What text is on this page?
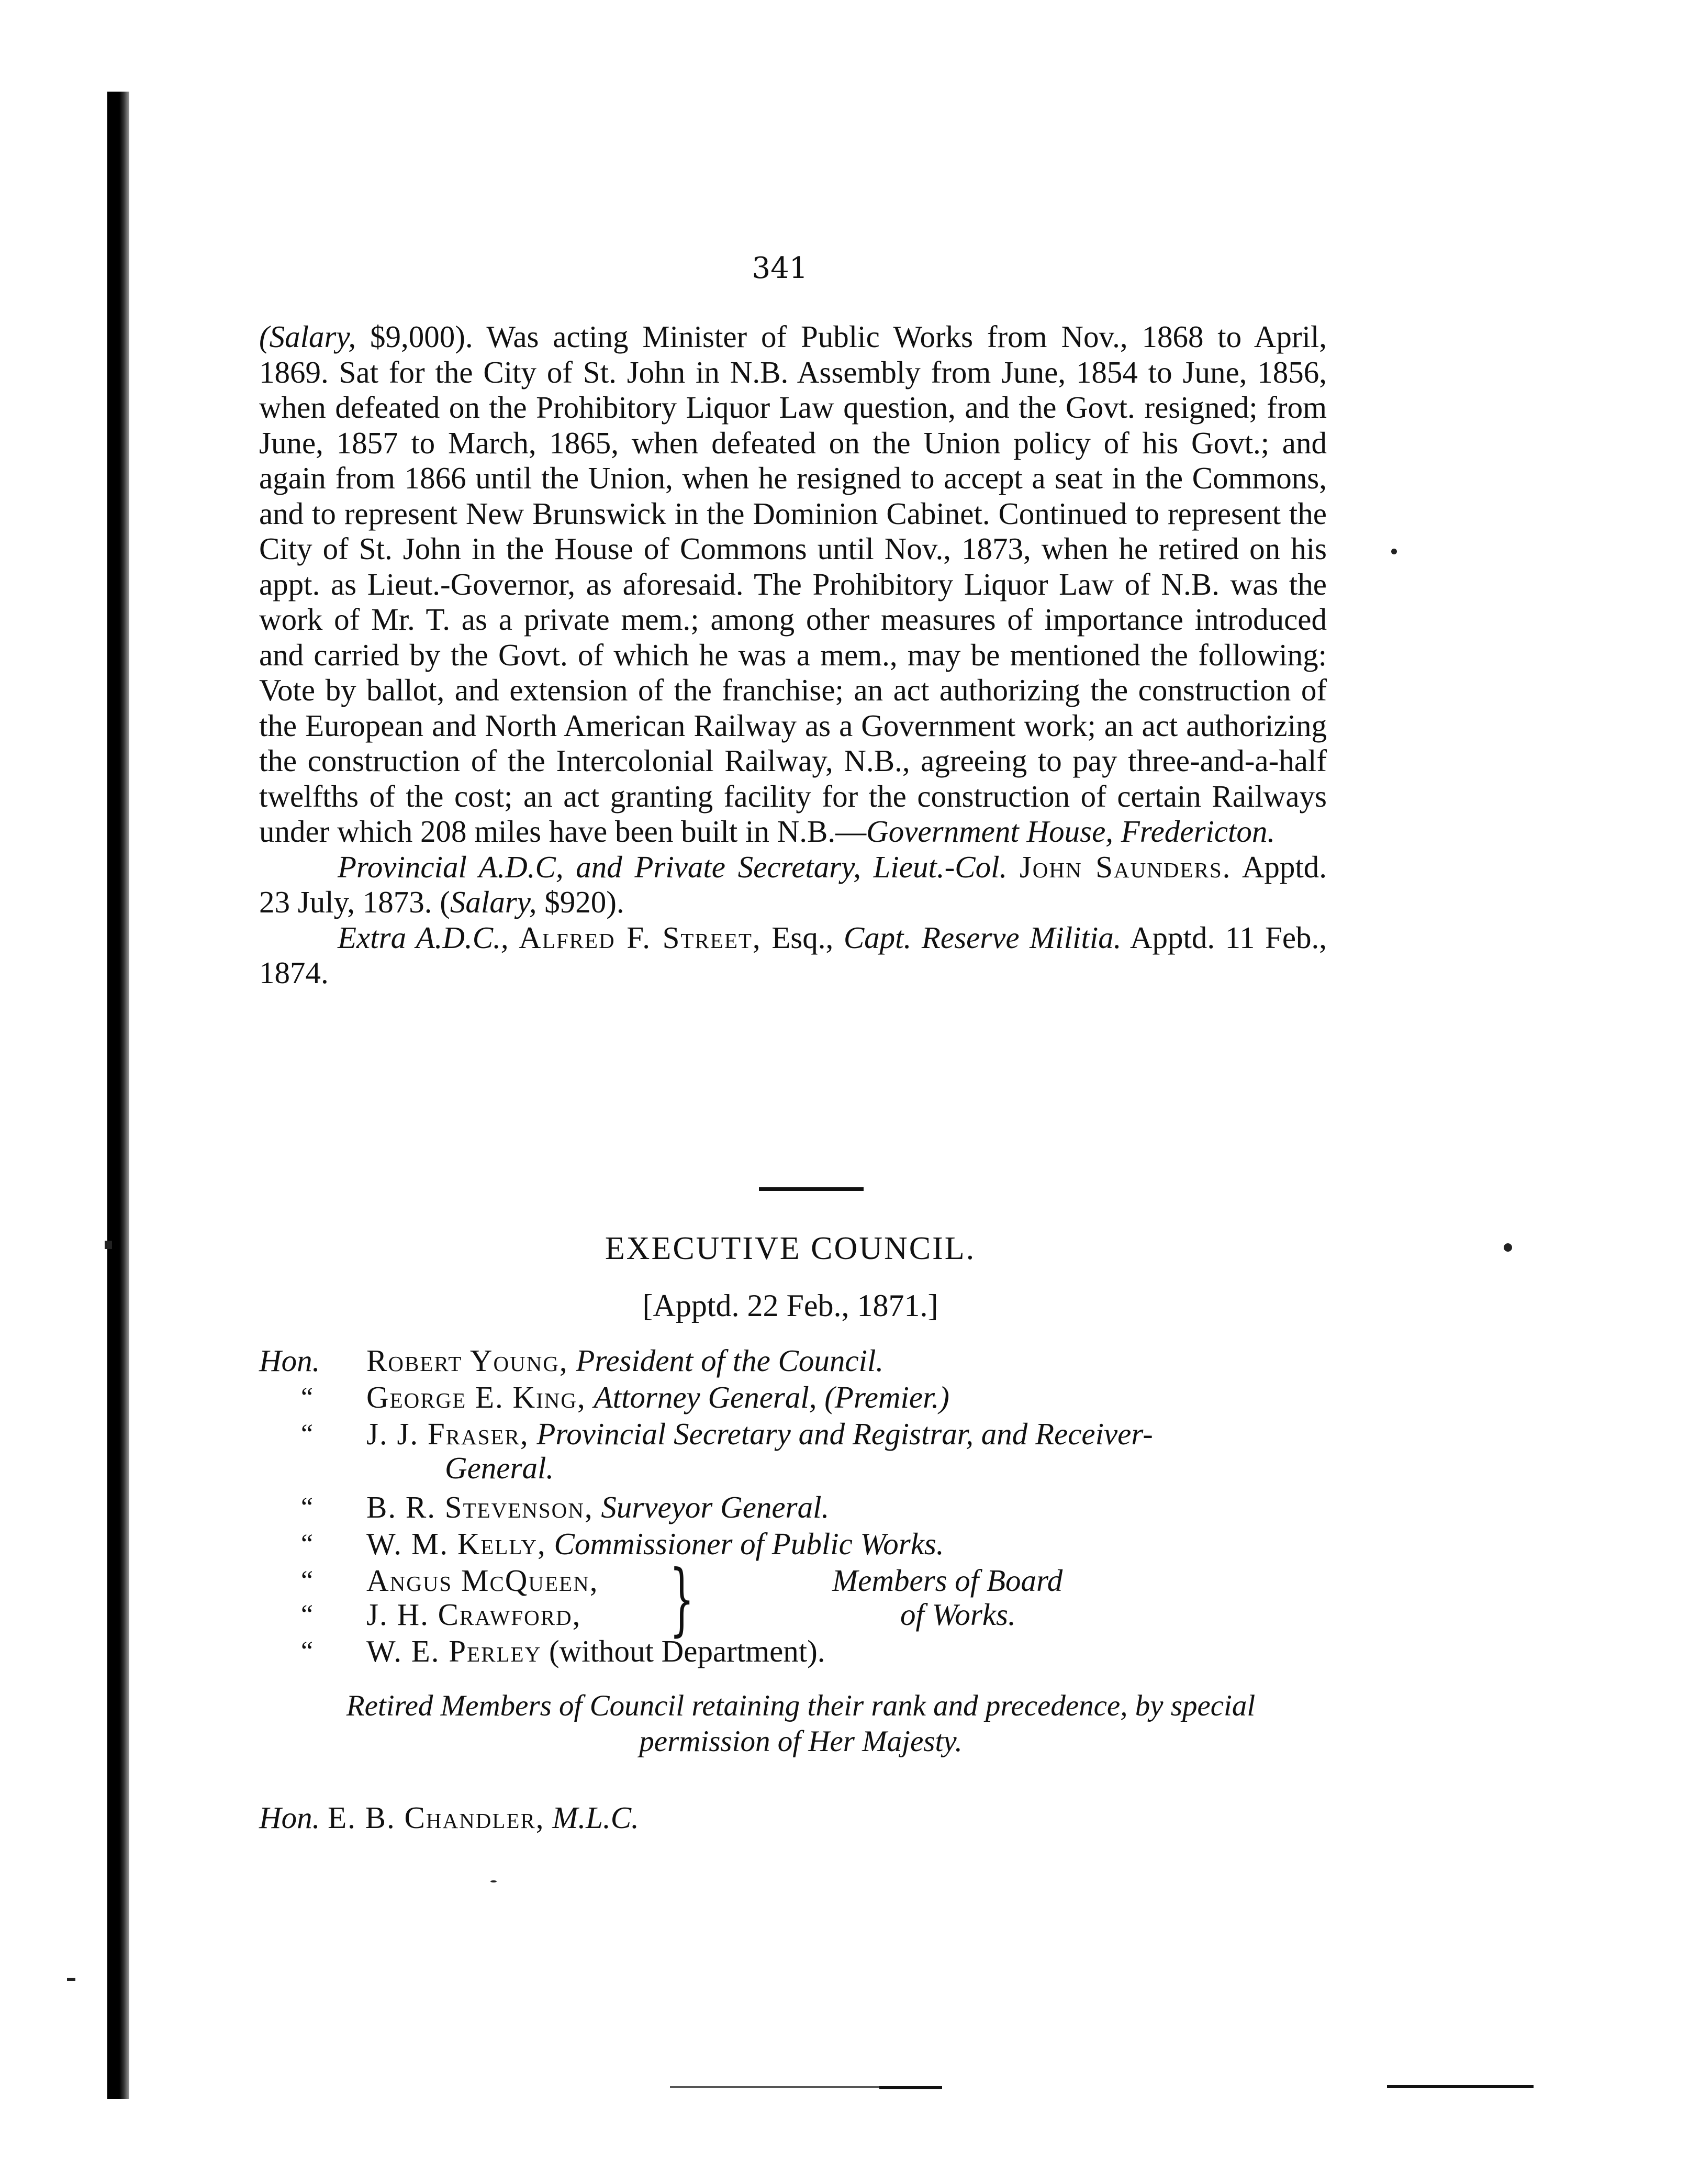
341

(Salary, $9,000). Was acting Minister of Public Works from Nov., 1868 to April, 1869. Sat for the City of St. John in N.B. Assembly from June, 1854 to June, 1856, when defeated on the Prohibitory Liquor Law question, and the Govt. resigned; from June, 1857 to March, 1865, when defeated on the Union policy of his Govt.; and again from 1866 until the Union, when he resigned to accept a seat in the Commons, and to represent New Brunswick in the Dominion Cabinet. Continued to represent the City of St. John in the House of Commons until Nov., 1873, when he retired on his appt. as Lieut.-Governor, as aforesaid. The Prohibitory Liquor Law of N.B. was the work of Mr. T. as a private mem.; among other measures of importance introduced and carried by the Govt. of which he was a mem., may be mentioned the following: Vote by ballot, and extension of the franchise; an act authorizing the construction of the European and North American Railway as a Government work; an act authorizing the construction of the Intercolonial Railway, N.B., agreeing to pay three-and-a-half twelfths of the cost; an act granting facility for the construction of certain Railways under which 208 miles have been built in N.B.—Government House, Fredericton.

Provincial A.D.C, and Private Secretary, Lieut.-Col. John Saunders. Apptd. 23 July, 1873. (Salary, $920).

Extra A.D.C., Alfred F. Street, Esq., Capt. Reserve Militia. Apptd. 11 Feb., 1874.

EXECUTIVE COUNCIL.
[Apptd. 22 Feb., 1871.]
Hon. Robert Young, President of the Council.
“ George E. King, Attorney General, (Premier.)
“ J. J. Fraser, Provincial Secretary and Registrar, and Receiver-
General.
“ B. R. Stevenson, Surveyor General.
“ W. M. Kelly, Commissioner of Public Works.
“ Angus McQueen,
“ J. H. Crawford, }	Members of Board
of Works.
“ W. E. Perley (without Department).
Retired Members of Council retaining their rank and precedence, by special
permission of Her Majesty.
Hon. E. B. Chandler, M.L.C.
